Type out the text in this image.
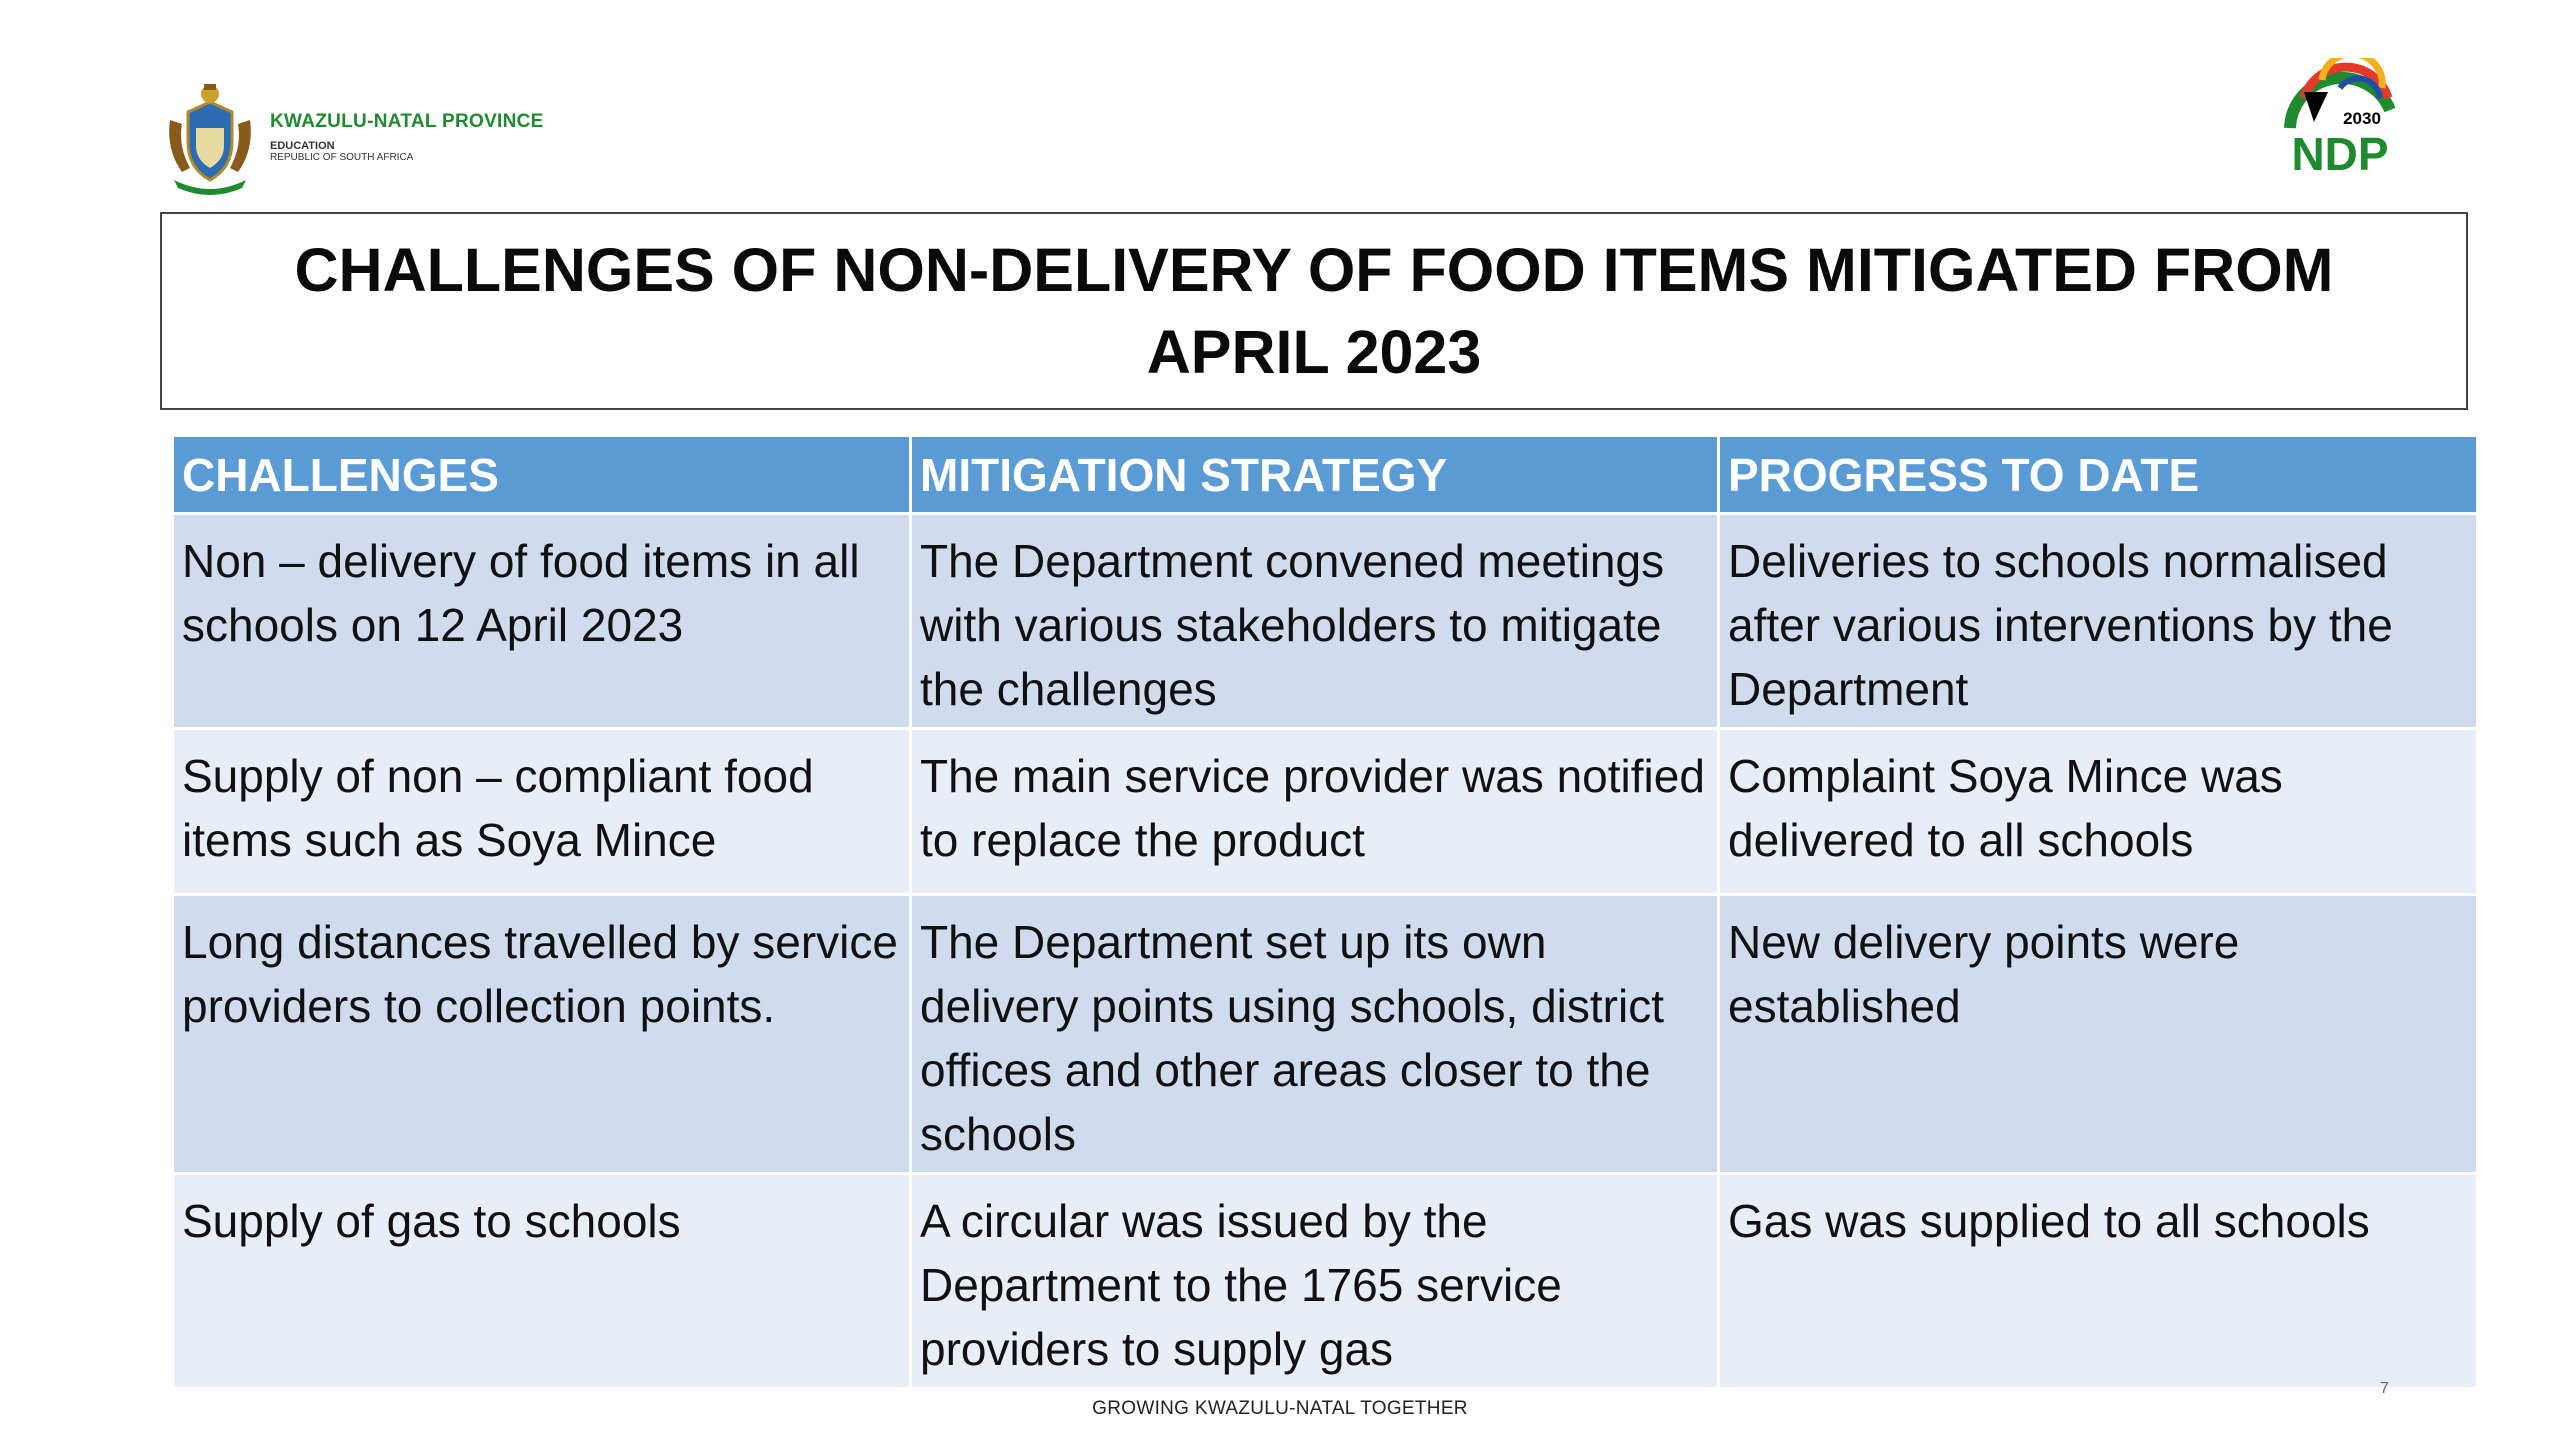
KWAZULU-NATAL PROVINCE
EDUCATION
REPUBLIC OF SOUTH AFRICA
2030
NDP
CHALLENGES OF NON-DELIVERY OF FOOD ITEMS MITIGATED FROM APRIL 2023
CHALLENGES	MITIGATION STRATEGY	PROGRESS TO DATE
Non – delivery of food items in all schools on 12 April 2023	The Department convened meetings with various stakeholders to mitigate the challenges	Deliveries to schools normalised after various interventions by the Department
Supply of non – compliant food items such as Soya Mince	The main service provider was notified to replace the product	Complaint Soya Mince was delivered to all schools
Long distances travelled by service providers to collection points.	The Department set up its own delivery points using schools, district offices and other areas closer to the schools	New delivery points were established
Supply of gas to schools	A circular was issued by the Department to the 1765 service providers to supply gas	Gas was supplied to all schools
7
GROWING KWAZULU-NATAL TOGETHER
